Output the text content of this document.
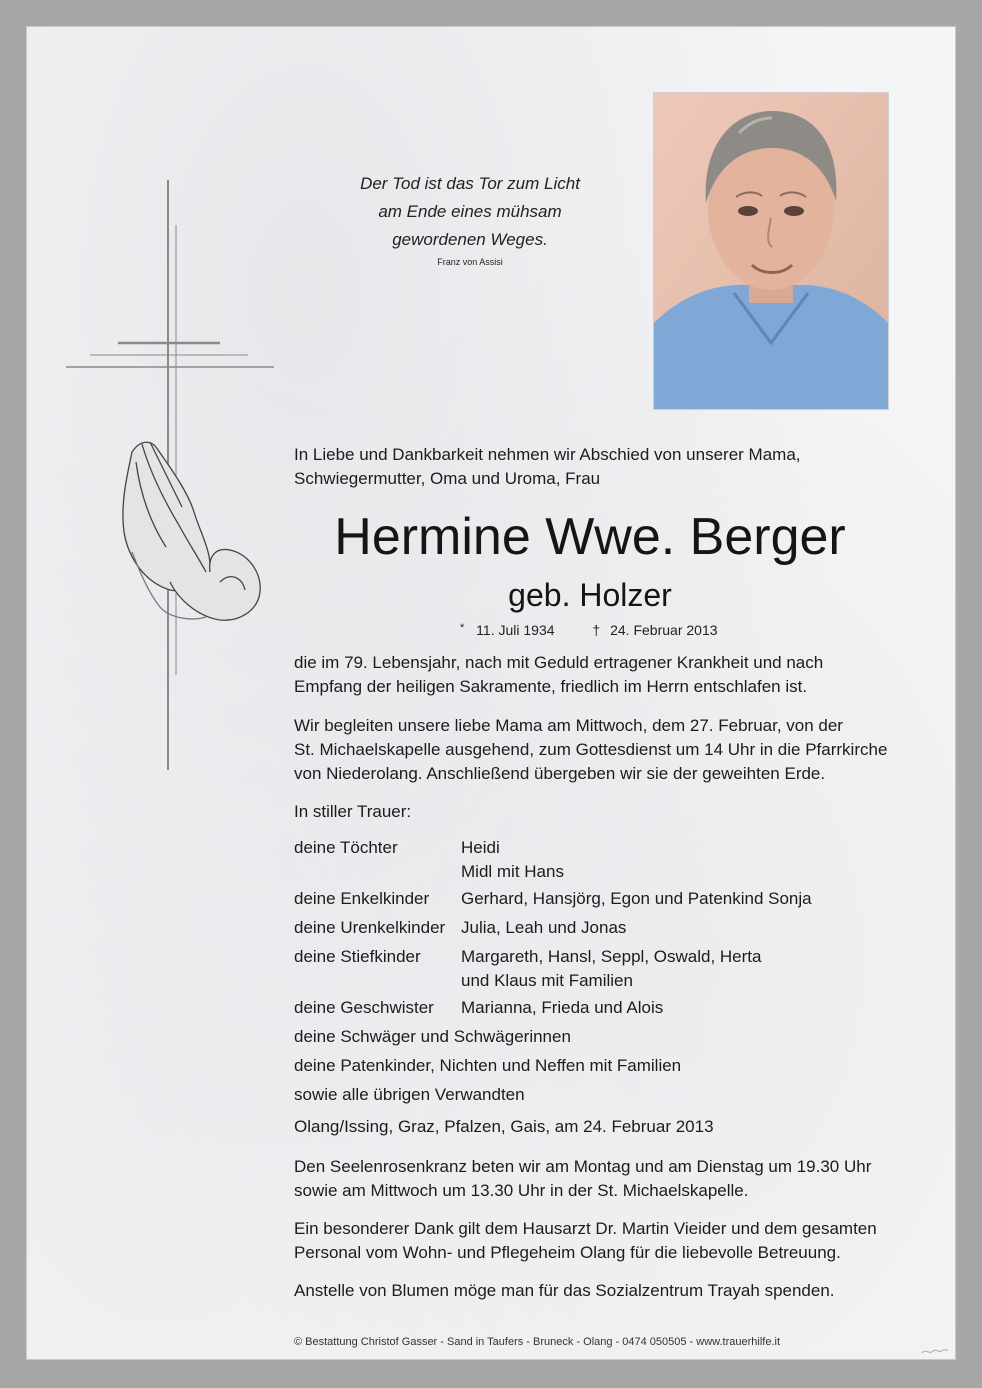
Der Tod ist das Tor zum Licht
am Ende eines mühsam
gewordenen Weges.
Franz von Assisi
In Liebe und Dankbarkeit nehmen wir Abschied von unserer Mama,
Schwiegermutter, Oma und Uroma, Frau
Hermine Wwe. Berger
geb. Holzer
* 11. Juli 1934	† 24. Februar 2013
die im 79. Lebensjahr, nach mit Geduld ertragener Krankheit und nach
Empfang der heiligen Sakramente, friedlich im Herrn entschlafen ist.
Wir begleiten unsere liebe Mama am Mittwoch, dem 27. Februar, von der
St. Michaelskapelle ausgehend, zum Gottesdienst um 14 Uhr in die Pfarrkirche
von Niederolang. Anschließend übergeben wir sie der geweihten Erde.
In stiller Trauer:
deine Töchter	Heidi
Midl mit Hans
deine Enkelkinder	Gerhard, Hansjörg, Egon und Patenkind Sonja
deine Urenkelkinder Julia, Leah und Jonas
deine Stiefkinder	Margareth, Hansl, Seppl, Oswald, Herta
und Klaus mit Familien
deine Geschwister	Marianna, Frieda und Alois
deine Schwäger und Schwägerinnen
deine Patenkinder, Nichten und Neffen mit Familien
sowie alle übrigen Verwandten
Olang/Issing, Graz, Pfalzen, Gais, am 24. Februar 2013
Den Seelenrosenkranz beten wir am Montag und am Dienstag um 19.30 Uhr
sowie am Mittwoch um 13.30 Uhr in der St. Michaelskapelle.
Ein besonderer Dank gilt dem Hausarzt Dr. Martin Vieider und dem gesamten
Personal vom Wohn- und Pflegeheim Olang für die liebevolle Betreuung.
Anstelle von Blumen möge man für das Sozialzentrum Trayah spenden.
© Bestattung Christof Gasser - Sand in Taufers - Bruneck - Olang - 0474 050505 - www.trauerhilfe.it
